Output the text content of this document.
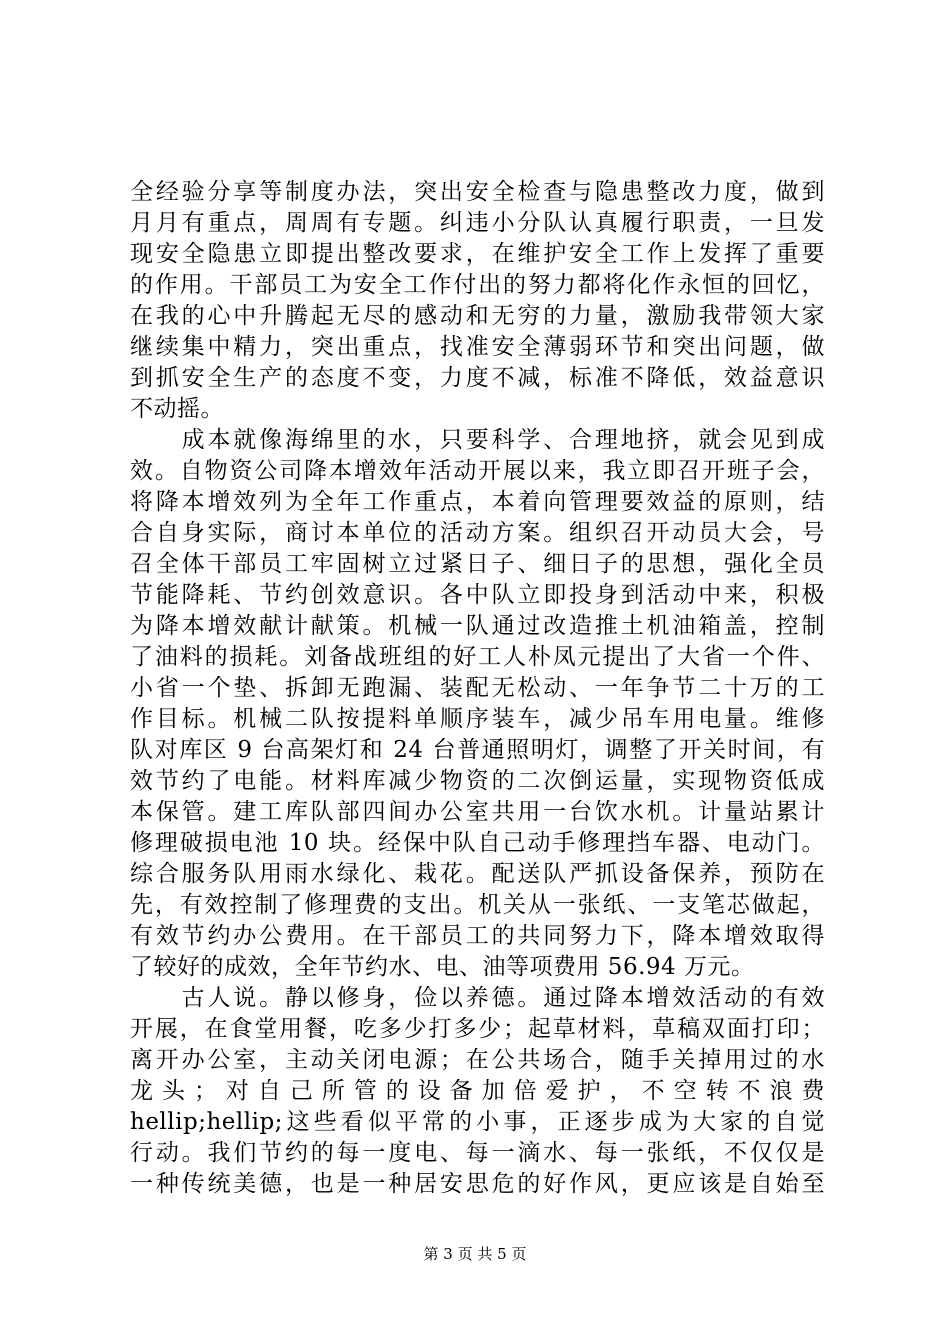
全经验分享等制度办法，突出安全检查与隐患整改力度，做到
月月有重点，周周有专题。纠违小分队认真履行职责，一旦发
现安全隐患立即提出整改要求，在维护安全工作上发挥了重要
的作用。干部员工为安全工作付出的努力都将化作永恒的回忆，
在我的心中升腾起无尽的感动和无穷的力量，激励我带领大家
继续集中精力，突出重点，找准安全薄弱环节和突出问题，做
到抓安全生产的态度不变，力度不减，标准不降低，效益意识
不动摇。
　　成本就像海绵里的水，只要科学、合理地挤，就会见到成
效。自物资公司降本增效年活动开展以来，我立即召开班子会，
将降本增效列为全年工作重点，本着向管理要效益的原则，结
合自身实际，商讨本单位的活动方案。组织召开动员大会，号
召全体干部员工牢固树立过紧日子、细日子的思想，强化全员
节能降耗、节约创效意识。各中队立即投身到活动中来，积极
为降本增效献计献策。机械一队通过改造推土机油箱盖，控制
了油料的损耗。刘备战班组的好工人朴凤元提出了大省一个件、
小省一个垫、拆卸无跑漏、装配无松动、一年争节二十万的工
作目标。机械二队按提料单顺序装车，减少吊车用电量。维修
队对库区 9 台高架灯和 24 台普通照明灯，调整了开关时间，有
效节约了电能。材料库减少物资的二次倒运量，实现物资低成
本保管。建工库队部四间办公室共用一台饮水机。计量站累计
修理破损电池 10 块。经保中队自己动手修理挡车器、电动门。
综合服务队用雨水绿化、栽花。配送队严抓设备保养，预防在
先，有效控制了修理费的支出。机关从一张纸、一支笔芯做起，
有效节约办公费用。在干部员工的共同努力下，降本增效取得
了较好的成效，全年节约水、电、油等项费用 56.94 万元。
　　古人说。静以修身，俭以养德。通过降本增效活动的有效
开展，在食堂用餐，吃多少打多少；起草材料，草稿双面打印；
离开办公室，主动关闭电源；在公共场合，随手关掉用过的水
龙头；对自己所管的设备加倍爱护，不空转不浪费
hellip;hellip;这些看似平常的小事，正逐步成为大家的自觉
行动。我们节约的每一度电、每一滴水、每一张纸，不仅仅是
一种传统美德，也是一种居安思危的好作风，更应该是自始至
第 3 页 共 5 页
